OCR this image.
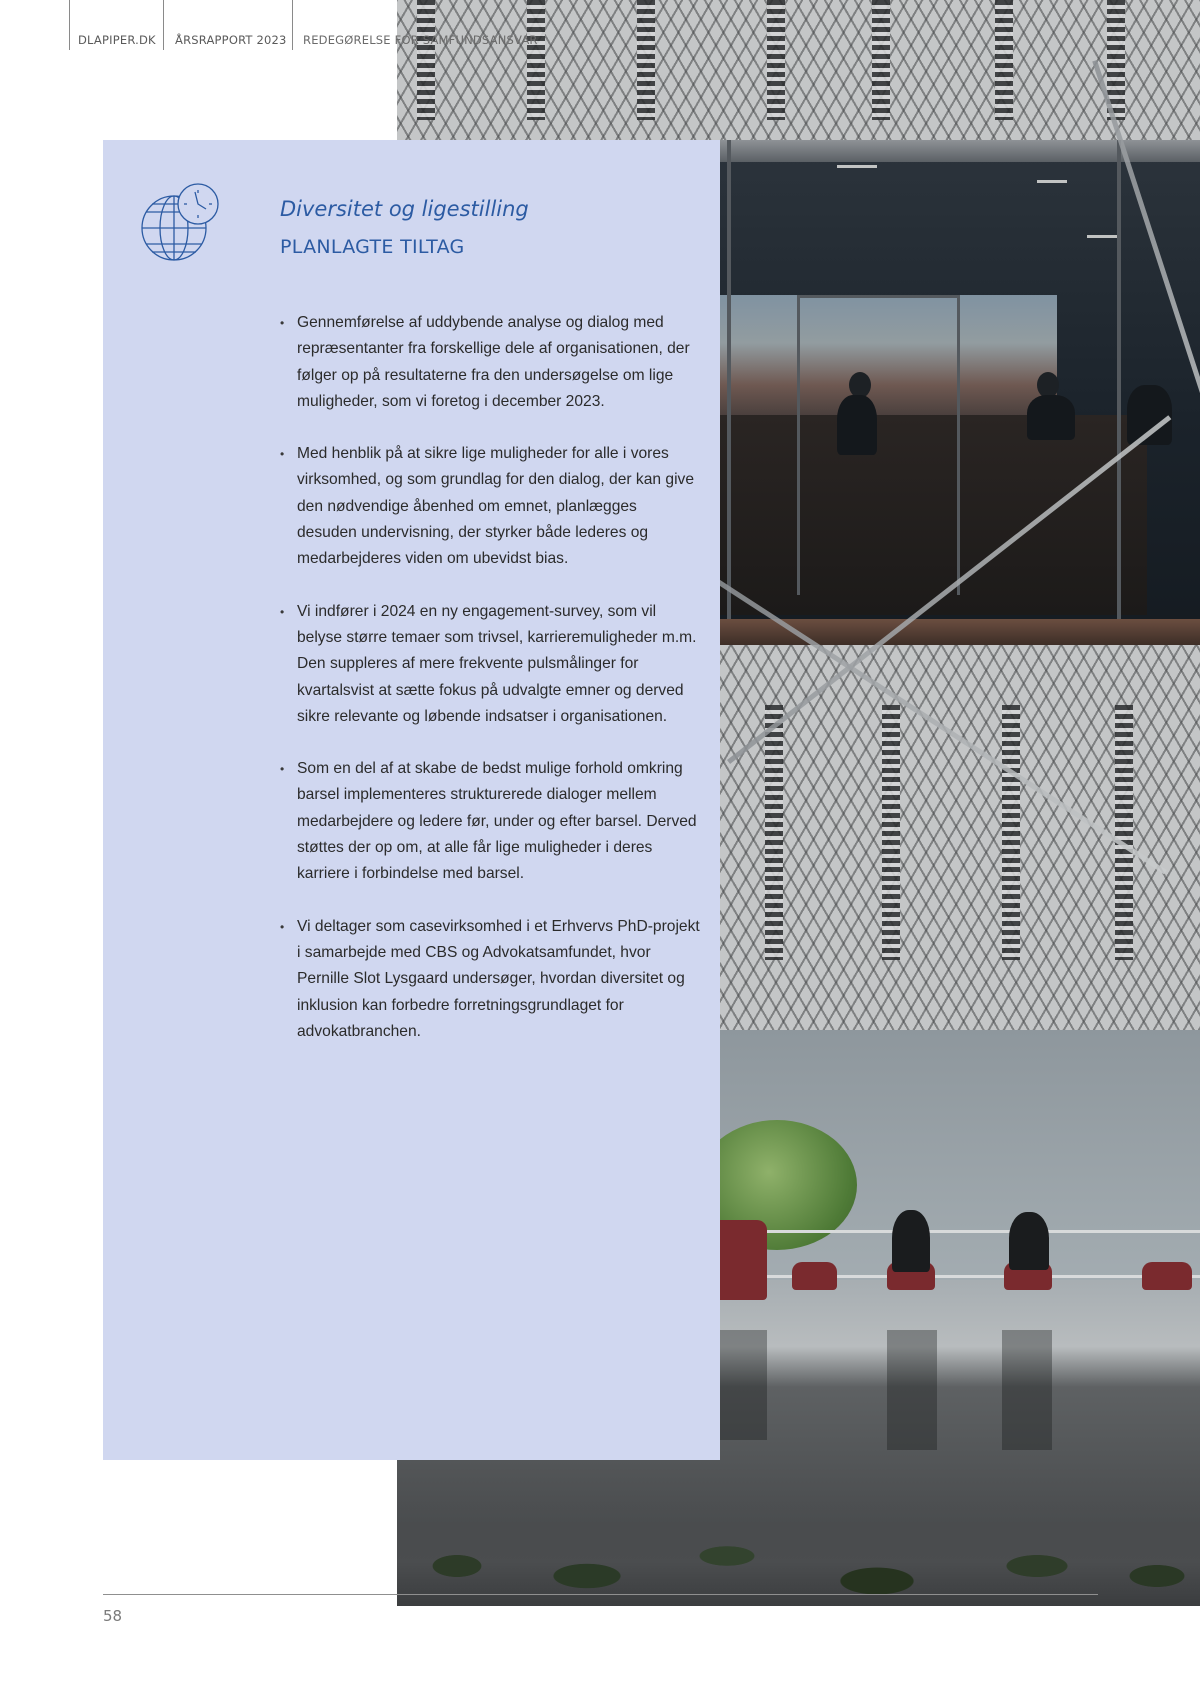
DLAPIPER.DK ÅRSRAPPORT 2023 REDEGØRELSE FOR SAMFUNDSANSVAR
Diversitet og ligestilling
PLANLAGTE TILTAG
• Gennemførelse af uddybende analyse og dialog med repræsentanter fra forskellige dele af organisationen, der følger op på resultaterne fra den undersøgelse om lige muligheder, som vi foretog i december 2023.
• Med henblik på at sikre lige muligheder for alle i vores virksomhed, og som grundlag for den dialog, der kan give den nødvendige åbenhed om emnet, planlægges desuden undervisning, der styrker både lederes og medarbejderes viden om ubevidst bias.
• Vi indfører i 2024 en ny engagement-survey, som vil belyse større temaer som trivsel, karrieremuligheder m.m. Den suppleres af mere frekvente pulsmålinger for kvartalsvist at sætte fokus på udvalgte emner og derved sikre relevante og løbende indsatser i organisationen.
• Som en del af at skabe de bedst mulige forhold omkring barsel implementeres strukturerede dialoger mellem medarbejdere og ledere før, under og efter barsel. Derved støttes der op om, at alle får lige muligheder i deres karriere i forbindelse med barsel.
• Vi deltager som casevirksomhed i et Erhvervs PhD-projekt i samarbejde med CBS og Advokatsamfundet, hvor Pernille Slot Lysgaard undersøger, hvordan diversitet og inklusion kan forbedre forretningsgrundlaget for advokatbranchen.
58
